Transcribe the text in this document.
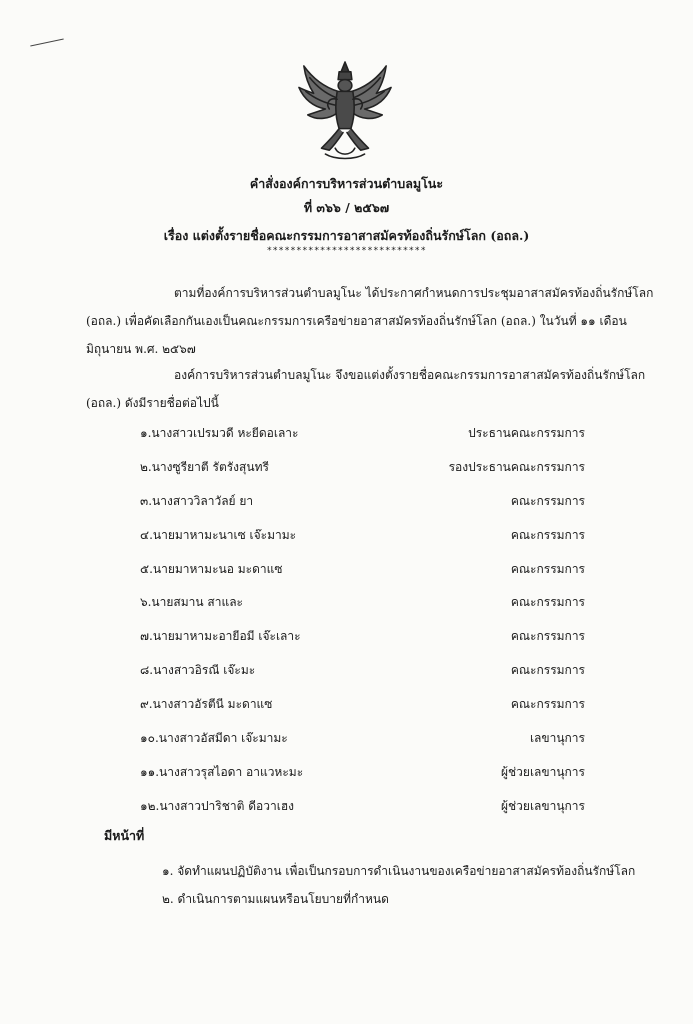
คำสั่งองค์การบริหารส่วนตำบลมูโนะ
ที่ ๓๖๖ / ๒๕๖๗
เรื่อง แต่งตั้งรายชื่อคณะกรรมการอาสาสมัครท้องถิ่นรักษ์โลก (อถล.)
***************************
ตามที่องค์การบริหารส่วนตำบลมูโนะ ได้ประกาศกำหนดการประชุมอาสาสมัครท้องถิ่นรักษ์โลก
(อถล.) เพื่อคัดเลือกกันเองเป็นคณะกรรมการเครือข่ายอาสาสมัครท้องถิ่นรักษ์โลก (อถล.) ในวันที่ ๑๑ เดือน
มิถุนายน พ.ศ. ๒๕๖๗
องค์การบริหารส่วนตำบลมูโนะ จึงขอแต่งตั้งรายชื่อคณะกรรมการอาสาสมัครท้องถิ่นรักษ์โลก
(อถล.) ดังมีรายชื่อต่อไปนี้
๑.นางสาวเปรมวดี หะยีดอเลาะ	ประธานคณะกรรมการ
๒.นางซูรียาตี รัตรังสุนทรี	รองประธานคณะกรรมการ
๓.นางสาววิลาวัลย์ ยา	คณะกรรมการ
๔.นายมาหามะนาเซ เจ๊ะมามะ	คณะกรรมการ
๕.นายมาหามะนอ มะดาแซ	คณะกรรมการ
๖.นายสมาน สาและ	คณะกรรมการ
๗.นายมาหามะอายีอมี เจ๊ะเลาะ	คณะกรรมการ
๘.นางสาวอิรณี เจ๊ะมะ	คณะกรรมการ
๙.นางสาวอัรตีนี มะดาแซ	คณะกรรมการ
๑๐.นางสาวอัสมีดา เจ๊ะมามะ	เลขานุการ
๑๑.นางสาวรุสไอดา อาแวหะมะ	ผู้ช่วยเลขานุการ
๑๒.นางสาวปาริชาติ ดีอวาเฮง	ผู้ช่วยเลขานุการ
มีหน้าที่
๑. จัดทำแผนปฏิบัติงาน เพื่อเป็นกรอบการดำเนินงานของเครือข่ายอาสาสมัครท้องถิ่นรักษ์โลก
๒. ดำเนินการตามแผนหรือนโยบายที่กำหนด
